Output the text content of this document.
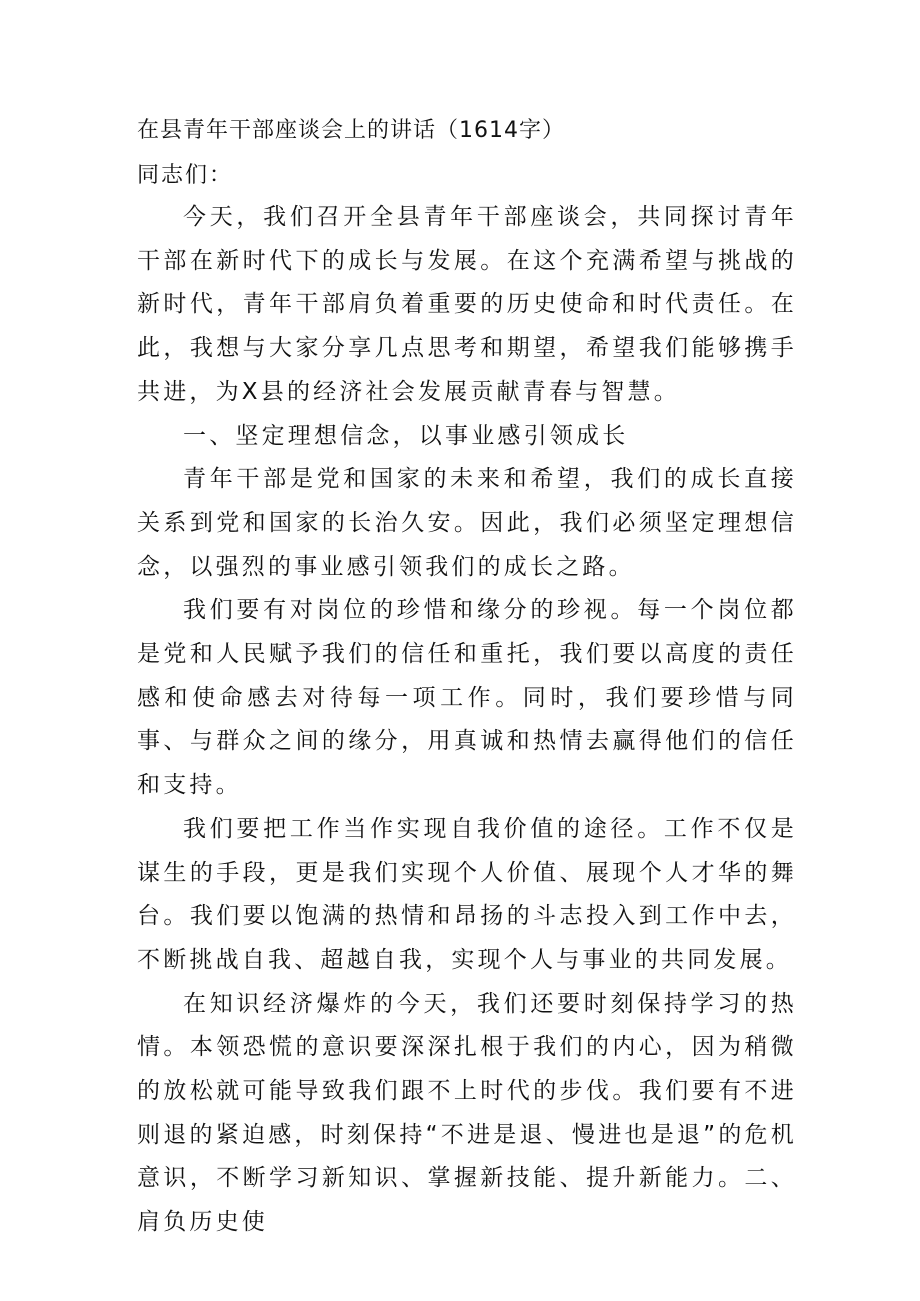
在县青年干部座谈会上的讲话（1614字）
同志们：

今天，我们召开全县青年干部座谈会，共同探讨青年干部在新时代下的成长与发展。在这个充满希望与挑战的新时代，青年干部肩负着重要的历史使命和时代责任。在此，我想与大家分享几点思考和期望，希望我们能够携手共进，为X县的经济社会发展贡献青春与智慧。

一、坚定理想信念，以事业感引领成长

青年干部是党和国家的未来和希望，我们的成长直接关系到党和国家的长治久安。因此，我们必须坚定理想信念，以强烈的事业感引领我们的成长之路。

我们要有对岗位的珍惜和缘分的珍视。每一个岗位都是党和人民赋予我们的信任和重托，我们要以高度的责任感和使命感去对待每一项工作。同时，我们要珍惜与同事、与群众之间的缘分，用真诚和热情去赢得他们的信任和支持。

我们要把工作当作实现自我价值的途径。工作不仅是谋生的手段，更是我们实现个人价值、展现个人才华的舞台。我们要以饱满的热情和昂扬的斗志投入到工作中去，不断挑战自我、超越自我，实现个人与事业的共同发展。

在知识经济爆炸的今天，我们还要时刻保持学习的热情。本领恐慌的意识要深深扎根于我们的内心，因为稍微的放松就可能导致我们跟不上时代的步伐。我们要有不进则退的紧迫感，时刻保持“不进是退、慢进也是退”的危机意识，不断学习新知识、掌握新技能、提升新能力。二、肩负历史使
